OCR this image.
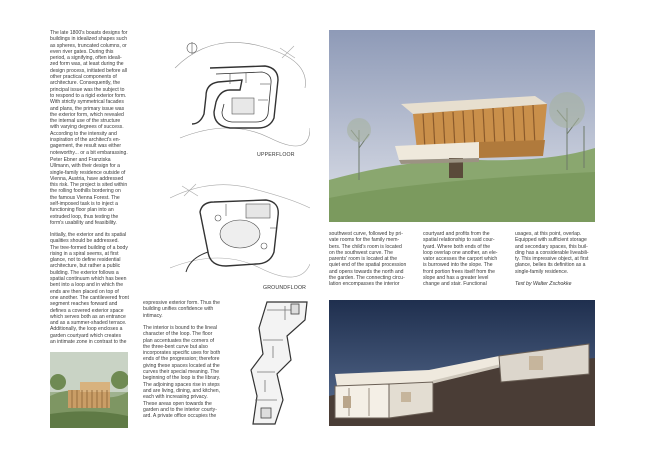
The late 1800's boasts designs for
buildings in idealized shapes such
as spheres, truncated columns, or
even river gates. During this
period, a signifying, often ideali-
zed form was, at least during the
design process, initiated before all
other practical components of
architecture. Consequently, the
principal issue was the subject to
to respond to a rigid exterior form.
With strictly symmetrical facades
and plans, the primary issue was
the exterior form, which revealed
the internal use of the structure
with varying degrees of success.
According to the intensity and
inspiration of the architect's en-
gagement, the result was either
noteworthy... or a bit embarassing.

Peter Ebner and Franziska
Ullmann, with their design for a
single-family residence outside of
Vienna, Austria, have addressed
this risk. The project is sited within
the rolling foothills bordering on
the famous Vienna Forest. The
self-imposed task is to inject a
functioning floor plan into an
extruded loop, thus testing the
form's usability and feasibility.

Initially, the exterior and its spatial
qualities should be addressed.
The tree-formed building of a body
rising in a spiral seems, at first
glance, not to define residential
architecture, but rather a public
building. The exterior follows a
spatial continuum which has been
bent into a loop and in which the
ends are then placed on top of
one another. The cantilevered front
segment reaches forward and
defines a covered exterior space
which serves both as an entrance
and as a summer-shaded terrace.
Additionally, the loop encloses a
garden courtyard which creates
an intimate zone in contrast to the

UPPERFLOOR
GROUNDFLOOR

expressive exterior form. Thus the
building unifies confidence with
intimacy.

The interior is bound to the lineal
character of the loop. The floor
plan accentuates the corners of
the three-bent curve but also
incorporates specific uses for both
ends of the progression; therefore
giving these spaces located at the
curves their special meaning. The
beginning of the loop is the library.
The adjoining spaces rise in steps
and are living, dining, and kitchen,
each with increasing privacy.
These areas open towards the
garden and to the interior courty-
ard. A private office occupies the

southwest curve, followed by pri-
vate rooms for the family mem-
bers. The child's room is located
on the southwest curve. The
parents' room is located at the
quiet end of the spatial procession
and opens towards the north and
the garden. The connecting circu-
lation encompasses the interior

courtyard and profits from the
spatial relationship to said cour-
tyard. Where both ends of the
loop overlap one another, an ele-
vator accesses the carport which
is burrowed into the slope. The
front portion frees itself from the
slope and has a greater level
change and stair. Functional

usages, at this point, overlap.
Equipped with sufficient storage
and secondary spaces, this buil-
ding has a considerable liveabili-
ty. This impressive object, at first
glance, belies its definition as a
single-family residence.

Text by Walter Zschokke
